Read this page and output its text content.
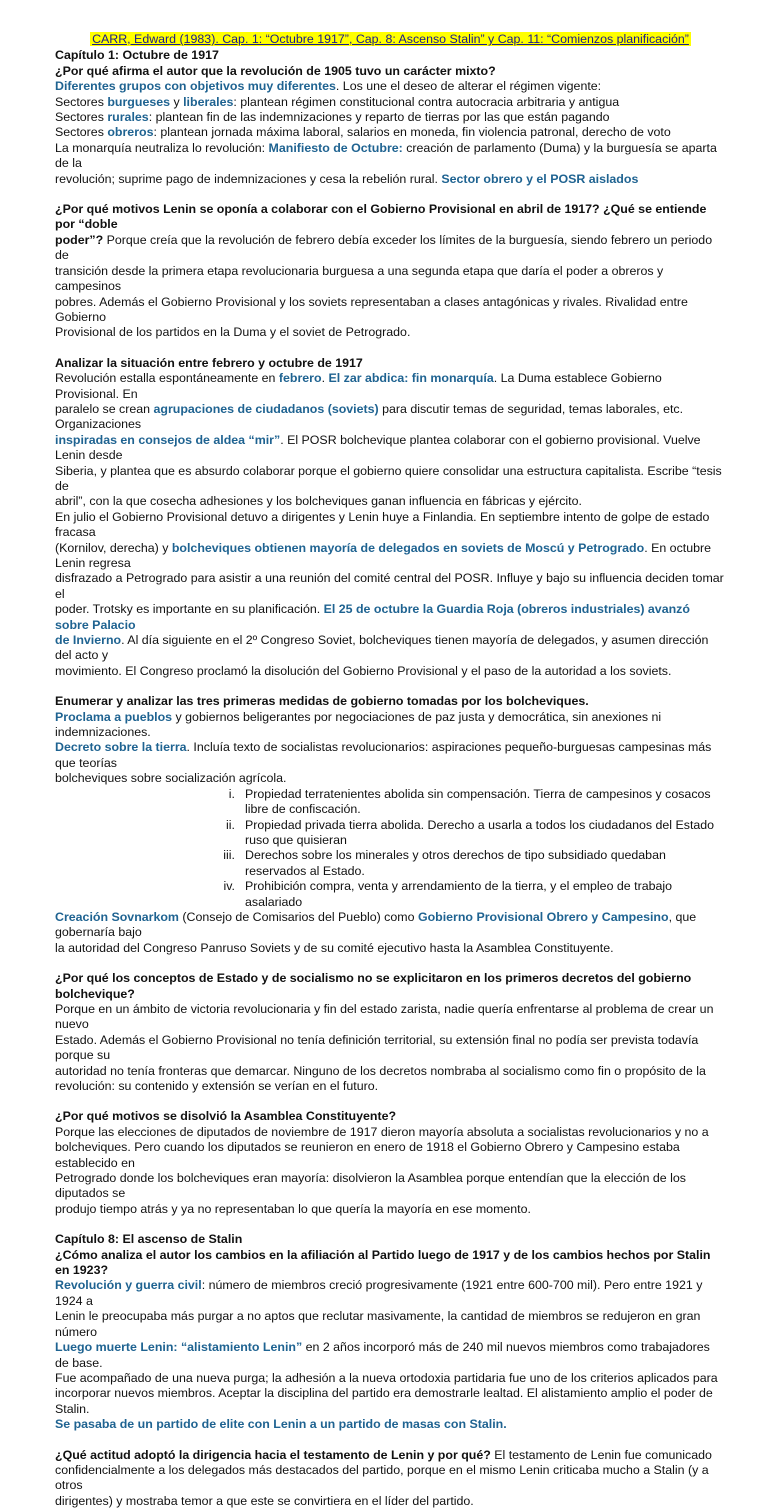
CARR, Edward (1983). Cap. 1: “Octubre 1917”, Cap. 8: Ascenso Stalin” y Cap. 11: “Comienzos planificación”

Capítulo 1: Octubre de 1917

¿Por qué afirma el autor que la revolución de 1905 tuvo un carácter mixto?

Diferentes grupos con objetivos muy diferentes. Los une el deseo de alterar el régimen vigente:

Sectores burgueses y liberales: plantean régimen constitucional contra autocracia arbitraria y antigua

Sectores rurales: plantean fin de las indemnizaciones y reparto de tierras por las que están pagando

Sectores obreros: plantean jornada máxima laboral, salarios en moneda, fin violencia patronal, derecho de voto

La monarquía neutraliza lo revolución: Manifiesto de Octubre: creación de parlamento (Duma) y la burguesía se aparta de la

revolución; suprime pago de indemnizaciones y cesa la rebelión rural. Sector obrero y el POSR aislados

¿Por qué motivos Lenin se oponía a colaborar con el Gobierno Provisional en abril de 1917? ¿Qué se entiende por “doble

poder”? Porque creía que la revolución de febrero debía exceder los límites de la burguesía, siendo febrero un periodo de

transición desde la primera etapa revolucionaria burguesa a una segunda etapa que daría el poder a obreros y campesinos

pobres. Además el Gobierno Provisional y los soviets representaban a clases antagónicas y rivales. Rivalidad entre Gobierno

Provisional de los partidos en la Duma y el soviet de Petrogrado.

Analizar la situación entre febrero y octubre de 1917

Revolución estalla espontáneamente en febrero. El zar abdica: fin monarquía. La Duma establece Gobierno Provisional. En

paralelo se crean agrupaciones de ciudadanos (soviets) para discutir temas de seguridad, temas laborales, etc. Organizaciones

inspiradas en consejos de aldea “mir”. El POSR bolchevique plantea colaborar con el gobierno provisional. Vuelve Lenin desde

Siberia, y plantea que es absurdo colaborar porque el gobierno quiere consolidar una estructura capitalista. Escribe “tesis de

abril”, con la que cosecha adhesiones y los bolcheviques ganan influencia en fábricas y ejército.

En julio el Gobierno Provisional detuvo a dirigentes y Lenin huye a Finlandia. En septiembre intento de golpe de estado fracasa

(Kornilov, derecha) y bolcheviques obtienen mayoría de delegados en soviets de Moscú y Petrogrado. En octubre Lenin regresa

disfrazado a Petrogrado para asistir a una reunión del comité central del POSR. Influye y bajo su influencia deciden tomar el

poder. Trotsky es importante en su planificación. El 25 de octubre la Guardia Roja (obreros industriales) avanzó sobre Palacio

de Invierno. Al día siguiente en el 2º Congreso Soviet, bolcheviques tienen mayoría de delegados, y asumen dirección del acto y

movimiento. El Congreso proclamó la disolución del Gobierno Provisional y el paso de la autoridad a los soviets.

Enumerar y analizar las tres primeras medidas de gobierno tomadas por los bolcheviques.

Proclama a pueblos y gobiernos beligerantes por negociaciones de paz justa y democrática, sin anexiones ni indemnizaciones.

Decreto sobre la tierra. Incluía texto de socialistas revolucionarios: aspiraciones pequeño-burguesas campesinas más que teorías

bolcheviques sobre socialización agrícola.

i. Propiedad terratenientes abolida sin compensación. Tierra de campesinos y cosacos libre de confiscación.
ii. Propiedad privada tierra abolida. Derecho a usarla a todos los ciudadanos del Estado ruso que quisieran
iii. Derechos sobre los minerales y otros derechos de tipo subsidiado quedaban reservados al Estado.
iv. Prohibición compra, venta y arrendamiento de la tierra, y el empleo de trabajo asalariado

Creación Sovnarkom (Consejo de Comisarios del Pueblo) como Gobierno Provisional Obrero y Campesino, que gobernaría bajo

la autoridad del Congreso Panruso Soviets y de su comité ejecutivo hasta la Asamblea Constituyente.

¿Por qué los conceptos de Estado y de socialismo no se explicitaron en los primeros decretos del gobierno bolchevique?

Porque en un ámbito de victoria revolucionaria y fin del estado zarista, nadie quería enfrentarse al problema de crear un nuevo

Estado. Además el Gobierno Provisional no tenía definición territorial, su extensión final no podía ser prevista todavía porque su

autoridad no tenía fronteras que demarcar. Ninguno de los decretos nombraba al socialismo como fin o propósito de la

revolución: su contenido y extensión se verían en el futuro.

¿Por qué motivos se disolvió la Asamblea Constituyente?

Porque las elecciones de diputados de noviembre de 1917 dieron mayoría absoluta a socialistas revolucionarios y no a

bolcheviques. Pero cuando los diputados se reunieron en enero de 1918 el Gobierno Obrero y Campesino estaba establecido en

Petrogrado donde los bolcheviques eran mayoría: disolvieron la Asamblea porque entendían que la elección de los diputados se

produjo tiempo atrás y ya no representaban lo que quería la mayoría en ese momento.

Capítulo 8: El ascenso de Stalin

¿Cómo analiza el autor los cambios en la afiliación al Partido luego de 1917 y de los cambios hechos por Stalin en 1923?

Revolución y guerra civil: número de miembros creció progresivamente (1921 entre 600-700 mil). Pero entre 1921 y 1924 a

Lenin le preocupaba más purgar a no aptos que reclutar masivamente, la cantidad de miembros se redujeron en gran número

Luego muerte Lenin: “alistamiento Lenin” en 2 años incorporó más de 240 mil nuevos miembros como trabajadores de base.

Fue acompañado de una nueva purga; la adhesión a la nueva ortodoxia partidaria fue uno de los criterios aplicados para

incorporar nuevos miembros. Aceptar la disciplina del partido era demostrarle lealtad. El alistamiento amplio el poder de Stalin.

Se pasaba de un partido de elite con Lenin a un partido de masas con Stalin.

¿Qué actitud adoptó la dirigencia hacia el testamento de Lenin y por qué? El testamento de Lenin fue comunicado

confidencialmente a los delegados más destacados del partido, porque en el mismo Lenin criticaba mucho a Stalin (y a otros

dirigentes) y mostraba temor a que este se convirtiera en el líder del partido.
